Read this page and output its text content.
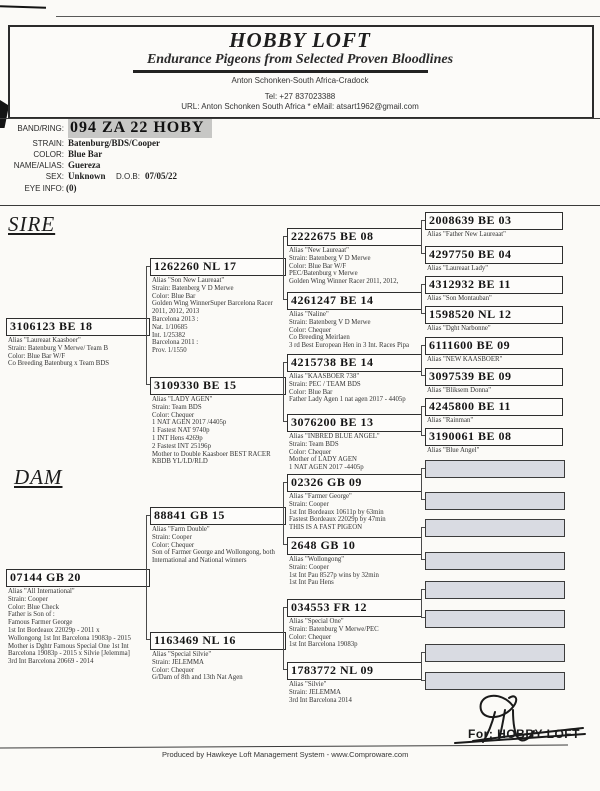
HOBBY LOFT
Endurance Pigeons from Selected Proven Bloodlines
Anton Schonken-South Africa-Cradock
Tel: +27 837023388
URL: Anton Schonken South Africa * eMail: atsart1962@gmail.com
BAND/RING: 094 ZA 22 HOBY
STRAIN: Batenburg/BDS/Cooper
COLOR: Blue Bar
NAME/ALIAS: Guereza
SEX: Unknown	D.O.B: 07/05/22
EYE INFO: (0)
SIRE
DAM
3106123 BE 18
Alias "Laureaat Kaasboer"
Strain: Batenburg V Merwe/ Team B
Color: Blue Bar W/F
Co Breeding Batenburg x Team BDS
07144 GB 20
Alias "All International"
Strain: Cooper
Color: Blue Check
Father is Son of :
Famous Farmer George
1st Int Bordeaux 22029p - 2011 x
Wollongong 1st Int Barcelona 19083p - 2015
Mother is Dghtr Famous Special One 1st Int
Barcelona 19083p - 2015 x Silvie [Jelemma]
3rd Int Barcelona 20669 - 2014
1262260 NL 17
Alias "Son New Laureaat"
Strain: Batenberg V D Merwe
Color: Blue Bar
Golden Wing WinnerSuper Barcelona Racer
2011, 2012, 2013
Barcelona 2013 :
Nat. 1/10685
Int. 1/25382
Barcelona 2011 :
Prov. 1/1550
3109330 BE 15
Alias "LADY AGEN"
Strain: Team BDS
Color: Chequer
1 NAT AGEN 2017 /4405p
1 Fastest NAT 9740p
1 INT Hens 4269p
2 Fastest INT 25196p
Mother to Double Kaasboer BEST RACER
KBDB YL/LD/RLD
88841 GB 15
Alias "Farm Double"
Strain: Cooper
Color: Chequer
Son of Farmer George and Wollongong, both
International and National winners
1163469 NL 16
Alias "Special Silvie"
Strain: JELEMMA
Color: Chequer
G/Dam of 8th and 13th Nat Agen
2222675 BE 08
Alias "New Laureaat"
Strain: Batenberg V D Merwe
Color: Blue Bar W/F
PEC/Batenburg v Merwe
Golden Wing Winner Racer 2011, 2012,
4261247 BE 14
Alias "Naline"
Strain: Batenberg V D Merwe
Color: Chequer
Co Breeding Meirlaen
3 rd Best European Hen in 3 Int. Races Pipa
4215738 BE 14
Alias "KAASBOER 738"
Strain: PEC / TEAM BDS
Color: Blue Bar
Father Lady Agen 1 nat agen 2017 - 4405p
3076200 BE 13
Alias "INBRED BLUE ANGEL"
Strain: Team BDS
Color: Chequer
Mother of LADY AGEN
1 NAT AGEN 2017 -4405p
02326 GB 09
Alias "Farmer George"
Strain: Cooper
1st Int Bordeaux 10611p by 63min
Fastest Bordeaux 22029p by 47min
THIS IS A FAST PIGEON
2648 GB 10
Alias "Wollongong"
Strain: Cooper
1st Int Pau 8527p wins by 32min
1st Int Pau Hens
034553 FR 12
Alias "Special One"
Strain: Batenburg V Merwe/PEC
Color: Chequer
1st Int Barcelona 19083p
1783772 NL 09
Alias "Silvie"
Strain: JELEMMA
3rd Int Barcelona 2014
2008639 BE 03
Alias "Father New Laureaat"
4297750 BE 04
Alias "Laureaat Lady"
4312932 BE 11
Alias "Son Montauban"
1598520 NL 12
Alias "Dght Narbonne"
6111600 BE 09
Alias "NEW KAASBOER"
3097539 BE 09
Alias "Bliksem Donna"
4245800 BE 11
Alias "Rainman"
3190061 BE 08
Alias "Blue Angel"
For: HOBBY LOFT
Produced by Hawkeye Loft Management System - www.Comproware.com
